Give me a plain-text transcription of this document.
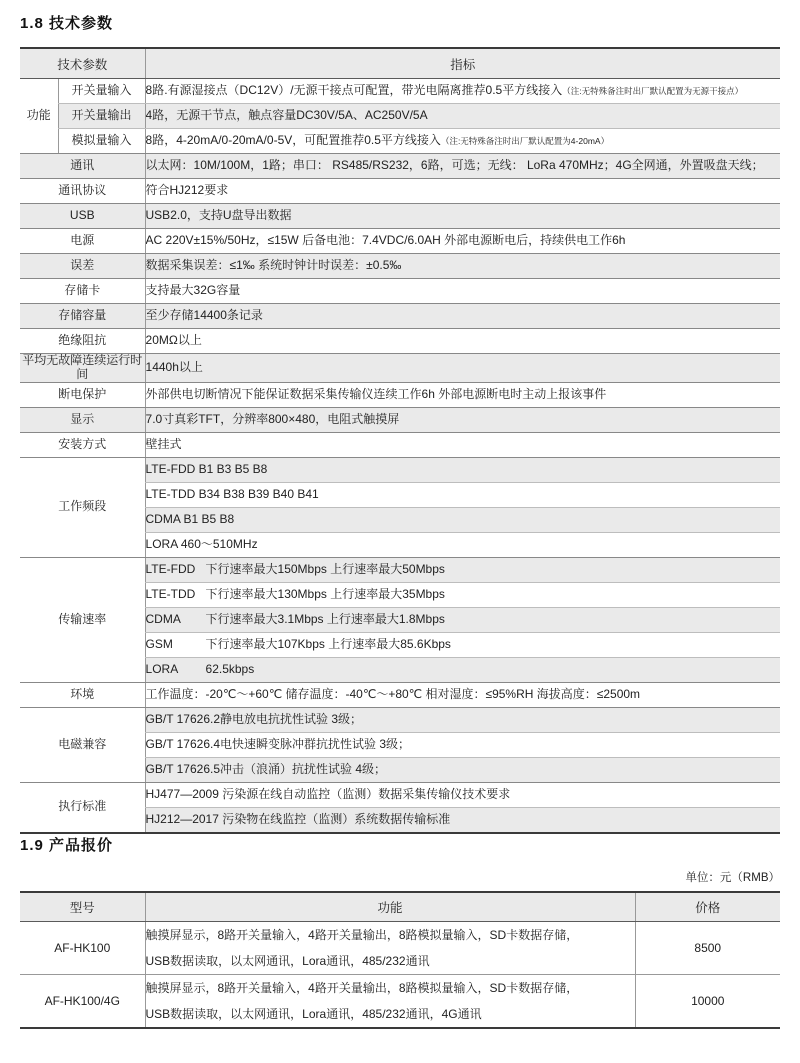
1.8 技术参数
技术参数		指标
功能	开关量输入	8路.有源湿接点（DC12V）/无源干接点可配置，带光电隔离推荐0.5平方线接入（注:无特殊备注时出厂默认配置为无源干接点）
	开关量输出	4路，无源干节点，触点容量DC30V/5A、AC250V/5A
	模拟量输入	8路，4-20mA/0-20mA/0-5V，可配置推荐0.5平方线接入（注:无特殊备注时出厂默认配置为4-20mA）
通讯		以太网：10M/100M，1路；串口： RS485/RS232，6路，可选；无线： LoRa 470MHz；4G全网通，外置吸盘天线；
通讯协议		符合HJ212要求
USB		USB2.0，支持U盘导出数据
电源		AC 220V±15%/50Hz，≤15W 后备电池：7.4VDC/6.0AH 外部电源断电后，持续供电工作6h
误差		数据采集误差：≤1‰ 系统时钟计时误差：±0.5‰
存储卡		支持最大32G容量
存储容量		至少存储14400条记录
绝缘阻抗		20MΩ以上
平均无故障连续运行时间		1440h以上
断电保护		外部供电切断情况下能保证数据采集传输仪连续工作6h 外部电源断电时主动上报该事件
显示		7.0寸真彩TFT，分辨率800×480，电阻式触摸屏
安装方式		壁挂式
工作频段		LTE-FDD B1 B3 B5 B8
		LTE-TDD B34 B38 B39 B40 B41
		CDMA B1 B5 B8
		LORA 460～510MHz
传输速率		LTE-FDD 下行速率最大150Mbps 上行速率最大50Mbps
		LTE-TDD 下行速率最大130Mbps 上行速率最大35Mbps
		CDMA 下行速率最大3.1Mbps 上行速率最大1.8Mbps
		GSM 下行速率最大107Kbps 上行速率最大85.6Kbps
		LORA 62.5kbps
环境		工作温度：-20℃～+60℃ 储存温度：-40℃～+80℃ 相对湿度：≤95%RH 海拔高度：≤2500m
电磁兼容		GB/T 17626.2静电放电抗扰性试验 3级；
		GB/T 17626.4电快速瞬变脉冲群抗扰性试验 3级；
		GB/T 17626.5冲击（浪涌）抗扰性试验 4级；
执行标准		HJ477—2009 污染源在线自动监控（监测）数据采集传输仪技术要求
		HJ212—2017 污染物在线监控（监测）系统数据传输标准
1.9 产品报价
单位：元（RMB）
型号	功能	价格
AF-HK100	触摸屏显示，8路开关量输入，4路开关量输出，8路模拟量输入，SD卡数据存储，
USB数据读取，以太网通讯，Lora通讯，485/232通讯	8500
AF-HK100/4G	触摸屏显示，8路开关量输入，4路开关量输出，8路模拟量输入，SD卡数据存储，
USB数据读取，以太网通讯，Lora通讯，485/232通讯，4G通讯	10000
